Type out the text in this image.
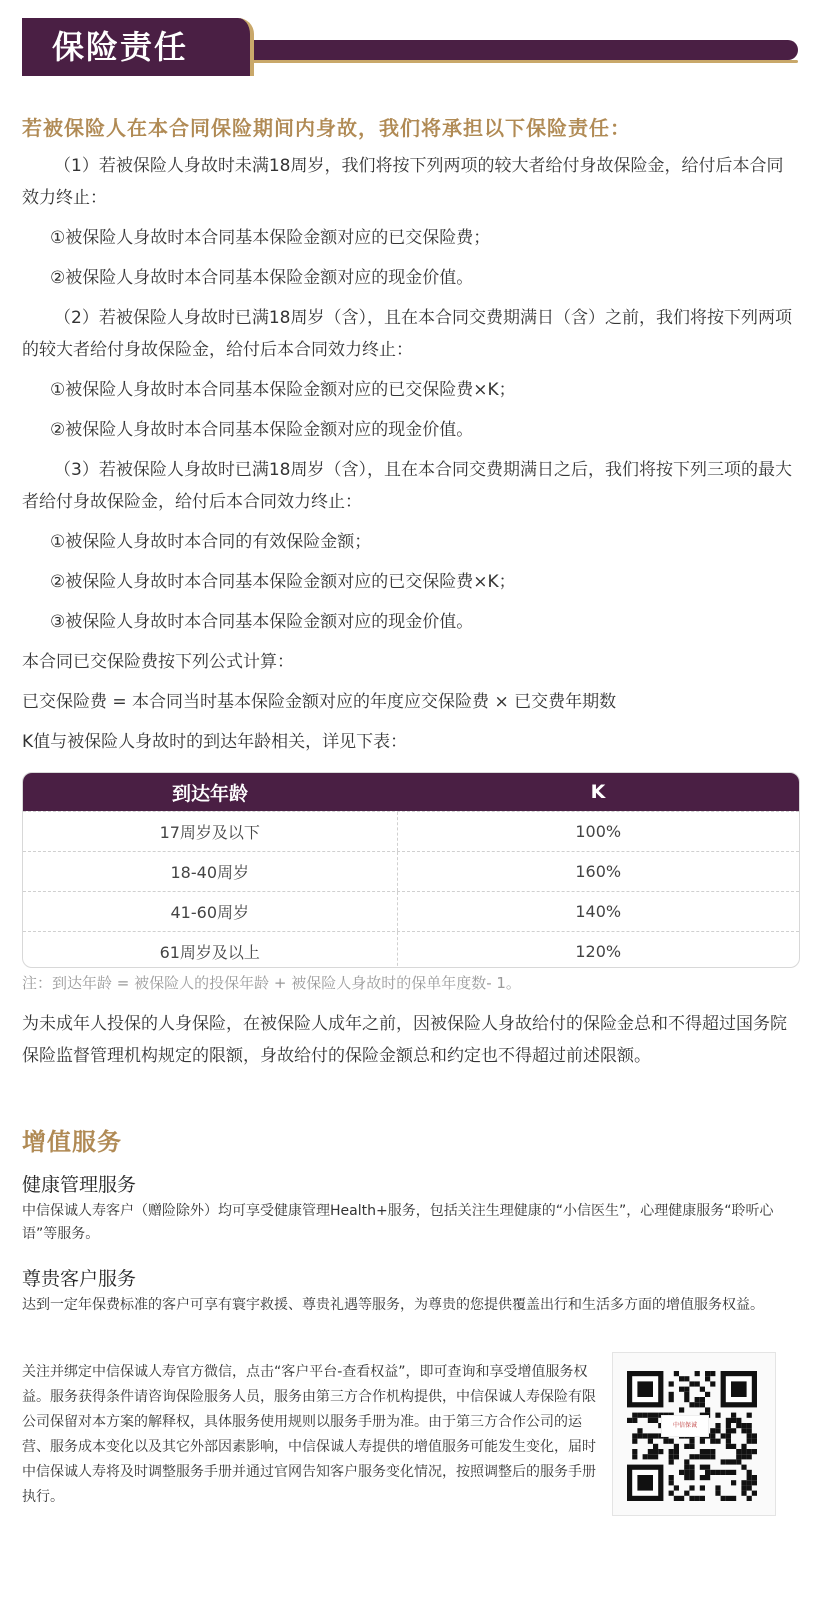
保险责任
若被保险人在本合同保险期间内身故，我们将承担以下保险责任：
（1）若被保险人身故时未满18周岁，我们将按下列两项的较大者给付身故保险金，给付后本合同效力终止：
①被保险人身故时本合同基本保险金额对应的已交保险费；
②被保险人身故时本合同基本保险金额对应的现金价值。
（2）若被保险人身故时已满18周岁（含），且在本合同交费期满日（含）之前，我们将按下列两项的较大者给付身故保险金，给付后本合同效力终止：
①被保险人身故时本合同基本保险金额对应的已交保险费×K；
②被保险人身故时本合同基本保险金额对应的现金价值。
（3）若被保险人身故时已满18周岁（含），且在本合同交费期满日之后，我们将按下列三项的最大者给付身故保险金，给付后本合同效力终止：
①被保险人身故时本合同的有效保险金额；
②被保险人身故时本合同基本保险金额对应的已交保险费×K；
③被保险人身故时本合同基本保险金额对应的现金价值。
本合同已交保险费按下列公式计算：
已交保险费 = 本合同当时基本保险金额对应的年度应交保险费 × 已交费年期数
K值与被保险人身故时的到达年龄相关，详见下表：
到达年龄	K
17周岁及以下	100%
18-40周岁	160%
41-60周岁	140%
61周岁及以上	120%
注：到达年龄 = 被保险人的投保年龄 + 被保险人身故时的保单年度数- 1。
为未成年人投保的人身保险，在被保险人成年之前，因被保险人身故给付的保险金总和不得超过国务院保险监督管理机构规定的限额，身故给付的保险金额总和约定也不得超过前述限额。
增值服务
健康管理服务
中信保诚人寿客户（赠险除外）均可享受健康管理Health+服务，包括关注生理健康的“小信医生”，心理健康服务“聆听心语”等服务。
尊贵客户服务
达到一定年保费标准的客户可享有寰宇救援、尊贵礼遇等服务，为尊贵的您提供覆盖出行和生活多方面的增值服务权益。
关注并绑定中信保诚人寿官方微信，点击“客户平台-查看权益”，即可查询和享受增值服务权益。服务获得条件请咨询保险服务人员，服务由第三方合作机构提供，中信保诚人寿保险有限公司保留对本方案的解释权，具体服务使用规则以服务手册为准。由于第三方合作公司的运营、服务成本变化以及其它外部因素影响，中信保诚人寿提供的增值服务可能发生变化，届时中信保诚人寿将及时调整服务手册并通过官网告知客户服务变化情况，按照调整后的服务手册执行。
中信保诚
